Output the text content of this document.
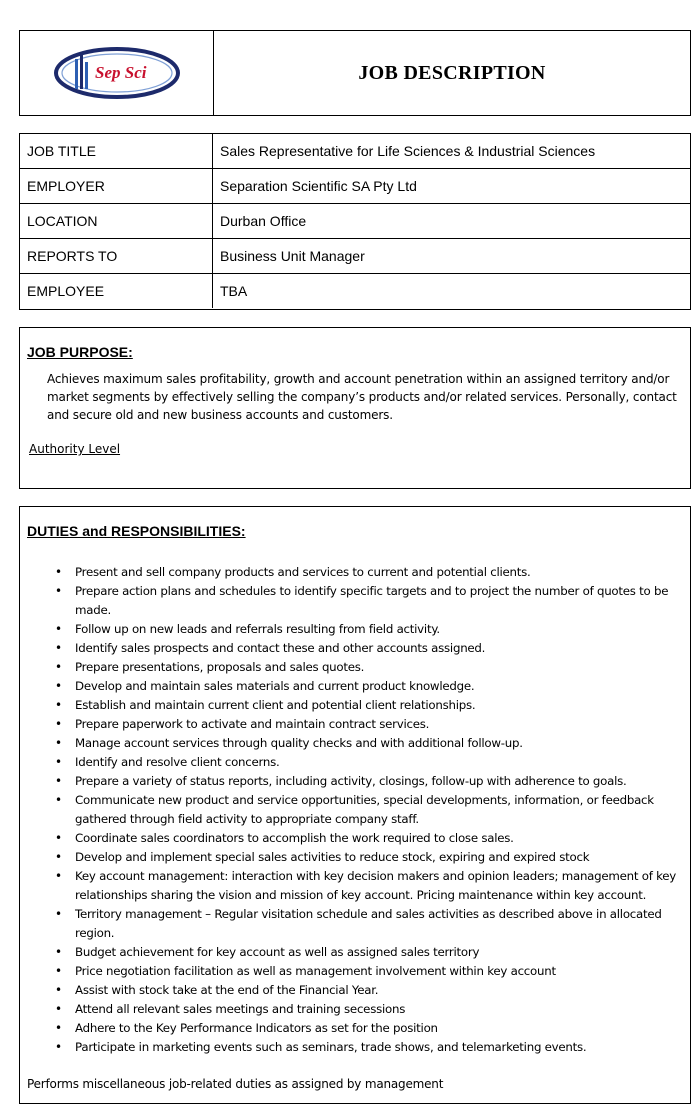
Sep Sci	JOB DESCRIPTION
JOB TITLE	Sales Representative for Life Sciences & Industrial Sciences
EMPLOYER	Separation Scientific SA Pty Ltd
LOCATION	Durban Office
REPORTS TO	Business Unit Manager
EMPLOYEE	TBA

JOB PURPOSE:

Achieves maximum sales profitability, growth and account penetration within an assigned territory and/or market segments by effectively selling the company’s products and/or related services. Personally, contact and secure old and new business accounts and customers.
Authority Level

DUTIES and RESPONSIBILITIES:

• Present and sell company products and services to current and potential clients.
• Prepare action plans and schedules to identify specific targets and to project the number of quotes to be made.
• Follow up on new leads and referrals resulting from field activity.
• Identify sales prospects and contact these and other accounts assigned.
• Prepare presentations, proposals and sales quotes.
• Develop and maintain sales materials and current product knowledge.
• Establish and maintain current client and potential client relationships.
• Prepare paperwork to activate and maintain contract services.
• Manage account services through quality checks and with additional follow-up.
• Identify and resolve client concerns.
• Prepare a variety of status reports, including activity, closings, follow-up with adherence to goals.
• Communicate new product and service opportunities, special developments, information, or feedback gathered through field activity to appropriate company staff.
• Coordinate sales coordinators to accomplish the work required to close sales.
• Develop and implement special sales activities to reduce stock, expiring and expired stock
• Key account management: interaction with key decision makers and opinion leaders; management of key relationships sharing the vision and mission of key account. Pricing maintenance within key account.
• Territory management – Regular visitation schedule and sales activities as described above in allocated region.
• Budget achievement for key account as well as assigned sales territory
• Price negotiation facilitation as well as management involvement within key account
• Assist with stock take at the end of the Financial Year.
• Attend all relevant sales meetings and training secessions
• Adhere to the Key Performance Indicators as set for the position
• Participate in marketing events such as seminars, trade shows, and telemarketing events.
Performs miscellaneous job-related duties as assigned by management
